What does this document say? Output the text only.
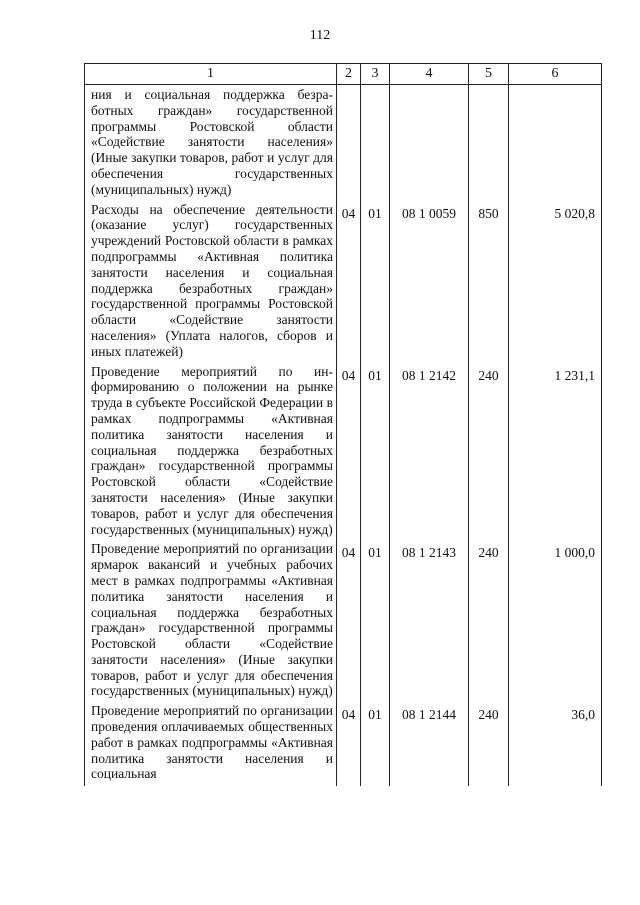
112
1	2	3	4	5	6
ния и социальная поддержка безработных граждан» государственной программы Ростовской области «Содействие занятости населения» (Иные закупки товаров, работ и услуг для обеспечения государственных (муниципальных) нужд)					
Расходы на обеспечение деятельности (оказание услуг) государственных учреждений Ростовской области в рамках подпрограммы «Активная политика занятости населения и социальная поддержка безработных граждан» государственной программы Ростовской области «Содействие занятости населения» (Уплата налогов, сборов и иных платежей)	04	01	08 1 0059	850	5 020,8
Проведение мероприятий по информированию о положении на рынке труда в субъекте Российской Федерации в рамках подпрограммы «Активная политика занятости населения и социальная поддержка безработных граждан» государственной программы Ростовской области «Содействие занятости населения» (Иные закупки товаров, работ и услуг для обеспечения государственных (муниципальных) нужд)	04	01	08 1 2142	240	1 231,1
Проведение мероприятий по организации ярмарок вакансий и учебных рабочих мест в рамках подпрограммы «Активная политика занятости населения и социальная поддержка безработных граждан» государственной программы Ростовской области «Содействие занятости населения» (Иные закупки товаров, работ и услуг для обеспечения государственных (муниципальных) нужд)	04	01	08 1 2143	240	1 000,0
Проведение мероприятий по организации проведения оплачиваемых общественных работ в рамках подпрограммы «Активная политика занятости населения и социальная	04	01	08 1 2144	240	36,0
